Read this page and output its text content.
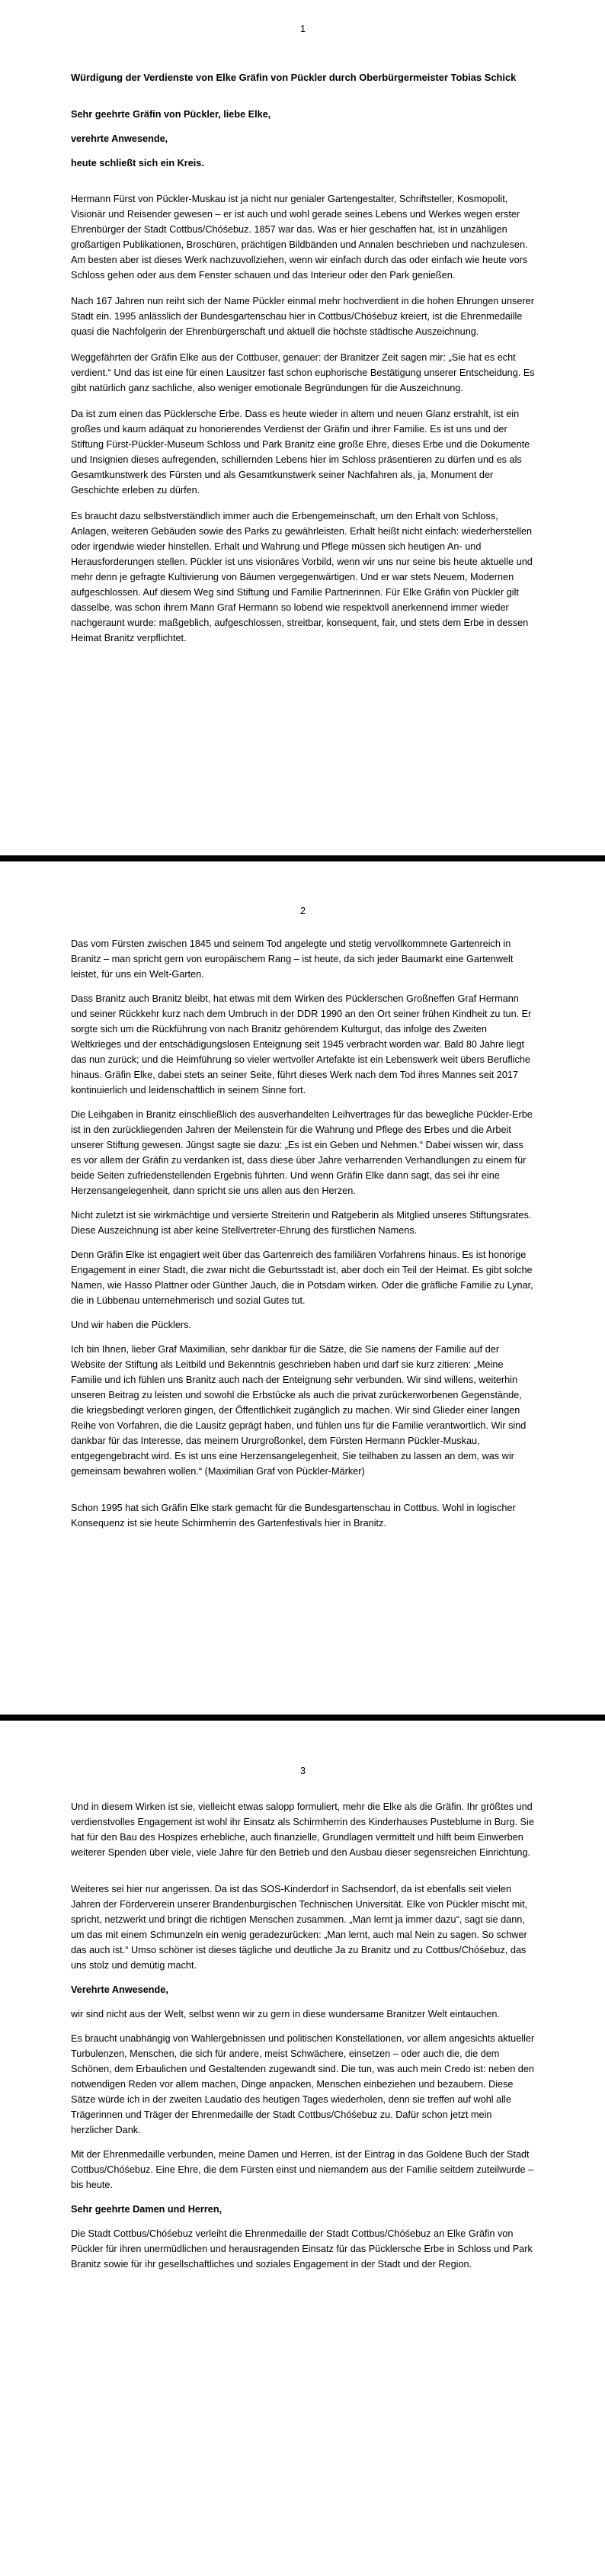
1
Würdigung der Verdienste von Elke Gräfin von Pückler durch Oberbürgermeister Tobias Schick
Sehr geehrte Gräfin von Pückler, liebe Elke,
verehrte Anwesende,
heute schließt sich ein Kreis.
Hermann Fürst von Pückler-Muskau ist ja nicht nur genialer Gartengestalter, Schriftsteller, Kosmopolit, Visionär und Reisender gewesen – er ist auch und wohl gerade seines Lebens und Werkes wegen erster Ehrenbürger der Stadt Cottbus/Chóśebuz. 1857 war das. Was er hier geschaffen hat, ist in unzähligen großartigen Publikationen, Broschüren, prächtigen Bildbänden und Annalen beschrieben und nachzulesen. Am besten aber ist dieses Werk nachzuvollziehen, wenn wir einfach durch das oder einfach wie heute vors Schloss gehen oder aus dem Fenster schauen und das Interieur oder den Park genießen.
Nach 167 Jahren nun reiht sich der Name Pückler einmal mehr hochverdient in die hohen Ehrungen unserer Stadt ein. 1995 anlässlich der Bundesgartenschau hier in Cottbus/Chóśebuz kreiert, ist die Ehrenmedaille quasi die Nachfolgerin der Ehrenbürgerschaft und aktuell die höchste städtische Auszeichnung.
Weggefährten der Gräfin Elke aus der Cottbuser, genauer: der Branitzer Zeit sagen mir: „Sie hat es echt verdient.“ Und das ist eine für einen Lausitzer fast schon euphorische Bestätigung unserer Entscheidung. Es gibt natürlich ganz sachliche, also weniger emotionale Begründungen für die Auszeichnung.
Da ist zum einen das Pücklersche Erbe. Dass es heute wieder in altem und neuen Glanz erstrahlt, ist ein großes und kaum adäquat zu honorierendes Verdienst der Gräfin und ihrer Familie. Es ist uns und der Stiftung Fürst-Pückler-Museum Schloss und Park Branitz eine große Ehre, dieses Erbe und die Dokumente und Insignien dieses aufregenden, schillernden Lebens hier im Schloss präsentieren zu dürfen und es als Gesamtkunstwerk des Fürsten und als Gesamtkunstwerk seiner Nachfahren als, ja, Monument der Geschichte erleben zu dürfen.
Es braucht dazu selbstverständlich immer auch die Erbengemeinschaft, um den Erhalt von Schloss, Anlagen, weiteren Gebäuden sowie des Parks zu gewährleisten. Erhalt heißt nicht einfach: wiederherstellen oder irgendwie wieder hinstellen. Erhalt und Wahrung und Pflege müssen sich heutigen An- und Herausforderungen stellen. Pückler ist uns visionäres Vorbild, wenn wir uns nur seine bis heute aktuelle und mehr denn je gefragte Kultivierung von Bäumen vergegenwärtigen. Und er war stets Neuem, Modernen aufgeschlossen. Auf diesem Weg sind Stiftung und Familie Partnerinnen. Für Elke Gräfin von Pückler gilt dasselbe, was schon ihrem Mann Graf Hermann so lobend wie respektvoll anerkennend immer wieder nachgeraunt wurde: maßgeblich, aufgeschlossen, streitbar, konsequent, fair, und stets dem Erbe in dessen Heimat Branitz verpflichtet.
2
Das vom Fürsten zwischen 1845 und seinem Tod angelegte und stetig vervollkommnete Gartenreich in Branitz – man spricht gern von europäischem Rang – ist heute, da sich jeder Baumarkt eine Gartenwelt leistet, für uns ein Welt-Garten.
Dass Branitz auch Branitz bleibt, hat etwas mit dem Wirken des Pücklerschen Großneffen Graf Hermann und seiner Rückkehr kurz nach dem Umbruch in der DDR 1990 an den Ort seiner frühen Kindheit zu tun. Er sorgte sich um die Rückführung von nach Branitz gehörendem Kulturgut, das infolge des Zweiten Weltkrieges und der entschädigungslosen Enteignung seit 1945 verbracht worden war. Bald 80 Jahre liegt das nun zurück; und die Heimführung so vieler wertvoller Artefakte ist ein Lebenswerk weit übers Berufliche hinaus. Gräfin Elke, dabei stets an seiner Seite, führt dieses Werk nach dem Tod ihres Mannes seit 2017 kontinuierlich und leidenschaftlich in seinem Sinne fort.
Die Leihgaben in Branitz einschließlich des ausverhandelten Leihvertrages für das bewegliche Pückler-Erbe ist in den zurückliegenden Jahren der Meilenstein für die Wahrung und Pflege des Erbes und die Arbeit unserer Stiftung gewesen. Jüngst sagte sie dazu: „Es ist ein Geben und Nehmen.“ Dabei wissen wir, dass es vor allem der Gräfin zu verdanken ist, dass diese über Jahre verharrenden Verhandlungen zu einem für beide Seiten zufriedenstellenden Ergebnis führten. Und wenn Gräfin Elke dann sagt, das sei ihr eine Herzensangelegenheit, dann spricht sie uns allen aus den Herzen.
Nicht zuletzt ist sie wirkmächtige und versierte Streiterin und Ratgeberin als Mitglied unseres Stiftungsrates. Diese Auszeichnung ist aber keine Stellvertreter-Ehrung des fürstlichen Namens.
Denn Gräfin Elke ist engagiert weit über das Gartenreich des familiären Vorfahrens hinaus. Es ist honorige Engagement in einer Stadt, die zwar nicht die Geburtsstadt ist, aber doch ein Teil der Heimat. Es gibt solche Namen, wie Hasso Plattner oder Günther Jauch, die in Potsdam wirken. Oder die gräfliche Familie zu Lynar, die in Lübbenau unternehmerisch und sozial Gutes tut.
Und wir haben die Pücklers.
Ich bin Ihnen, lieber Graf Maximilian, sehr dankbar für die Sätze, die Sie namens der Familie auf der Website der Stiftung als Leitbild und Bekenntnis geschrieben haben und darf sie kurz zitieren: „Meine Familie und ich fühlen uns Branitz auch nach der Enteignung sehr verbunden. Wir sind willens, weiterhin unseren Beitrag zu leisten und sowohl die Erbstücke als auch die privat zurückerworbenen Gegenstände, die kriegsbedingt verloren gingen, der Öffentlichkeit zugänglich zu machen. Wir sind Glieder einer langen Reihe von Vorfahren, die die Lausitz geprägt haben, und fühlen uns für die Familie verantwortlich. Wir sind dankbar für das Interesse, das meinem Ururgroßonkel, dem Fürsten Hermann Pückler-Muskau, entgegengebracht wird. Es ist uns eine Herzensangelegenheit, Sie teilhaben zu lassen an dem, was wir gemeinsam bewahren wollen.“ (Maximilian Graf von Pückler-Märker)
Schon 1995 hat sich Gräfin Elke stark gemacht für die Bundesgartenschau in Cottbus. Wohl in logischer Konsequenz ist sie heute Schirmherrin des Gartenfestivals hier in Branitz.
3
Und in diesem Wirken ist sie, vielleicht etwas salopp formuliert, mehr die Elke als die Gräfin. Ihr größtes und verdienstvolles Engagement ist wohl ihr Einsatz als Schirmherrin des Kinderhauses Pusteblume in Burg. Sie hat für den Bau des Hospizes erhebliche, auch finanzielle, Grundlagen vermittelt und hilft beim Einwerben weiterer Spenden über viele, viele Jahre für den Betrieb und den Ausbau dieser segensreichen Einrichtung.
Weiteres sei hier nur angerissen. Da ist das SOS-Kinderdorf in Sachsendorf, da ist ebenfalls seit vielen Jahren der Förderverein unserer Brandenburgischen Technischen Universität. Elke von Pückler mischt mit, spricht, netzwerkt und bringt die richtigen Menschen zusammen. „Man lernt ja immer dazu“, sagt sie dann, um das mit einem Schmunzeln ein wenig geradezurücken: „Man lernt, auch mal Nein zu sagen. So schwer das auch ist.“ Umso schöner ist dieses tägliche und deutliche Ja zu Branitz und zu Cottbus/Chóśebuz, das uns stolz und demütig macht.
Verehrte Anwesende,
wir sind nicht aus der Welt, selbst wenn wir zu gern in diese wundersame Branitzer Welt eintauchen.
Es braucht unabhängig von Wahlergebnissen und politischen Konstellationen, vor allem angesichts aktueller Turbulenzen, Menschen, die sich für andere, meist Schwächere, einsetzen – oder auch die, die dem Schönen, dem Erbaulichen und Gestaltenden zugewandt sind. Die tun, was auch mein Credo ist: neben den notwendigen Reden vor allem machen, Dinge anpacken, Menschen einbeziehen und bezaubern. Diese Sätze würde ich in der zweiten Laudatio des heutigen Tages wiederholen, denn sie treffen auf wohl alle Trägerinnen und Träger der Ehrenmedaille der Stadt Cottbus/Chóśebuz zu. Dafür schon jetzt mein herzlicher Dank.
Mit der Ehrenmedaille verbunden, meine Damen und Herren, ist der Eintrag in das Goldene Buch der Stadt Cottbus/Chóśebuz. Eine Ehre, die dem Fürsten einst und niemandem aus der Familie seitdem zuteilwurde – bis heute.
Sehr geehrte Damen und Herren,
Die Stadt Cottbus/Chóśebuz verleiht die Ehrenmedaille der Stadt Cottbus/Chóśebuz an Elke Gräfin von Pückler für ihren unermüdlichen und herausragenden Einsatz für das Pücklersche Erbe in Schloss und Park Branitz sowie für ihr gesellschaftliches und soziales Engagement in der Stadt und der Region.
